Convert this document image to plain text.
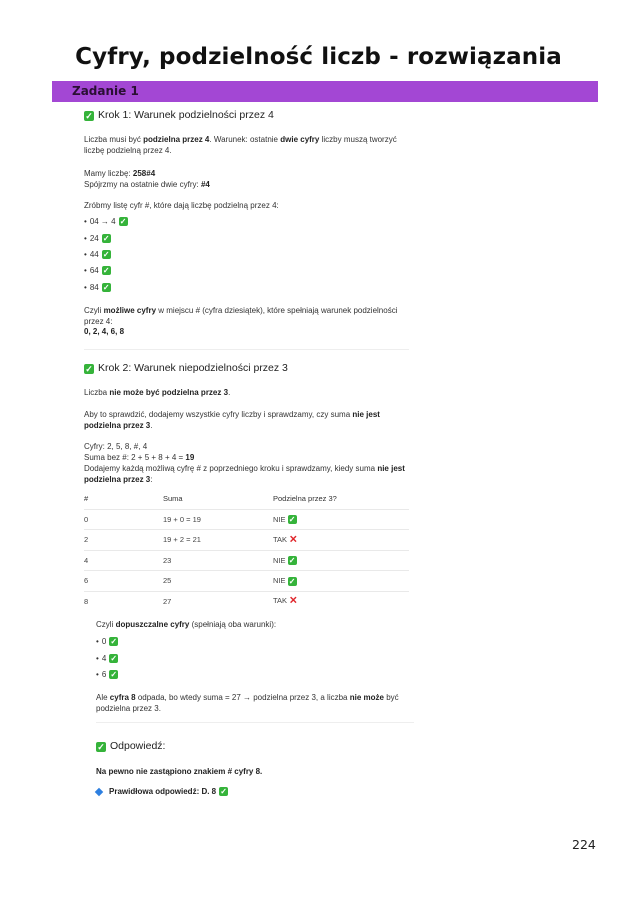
Cyfry, podzielność liczb - rozwiązania
Zadanie 1
✓ Krok 1: Warunek podzielności przez 4

Liczba musi być podzielna przez 4. Warunek: ostatnie dwie cyfry liczby muszą tworzyć liczbę podzielną przez 4.

Mamy liczbę: 258#4

Spójrzmy na ostatnie dwie cyfry: #4

Zróbmy listę cyfr #, które dają liczbę podzielną przez 4:

• 04 → 4 ✓
• 24 ✓
• 44 ✓
• 64 ✓
• 84 ✓

Czyli możliwe cyfry w miejscu # (cyfra dziesiątek), które spełniają warunek podzielności przez 4:

0, 2, 4, 6, 8

✓ Krok 2: Warunek niepodzielności przez 3

Liczba nie może być podzielna przez 3.

Aby to sprawdzić, dodajemy wszystkie cyfry liczby i sprawdzamy, czy suma nie jest podzielna przez 3.

Cyfry: 2, 5, 8, #, 4

Suma bez #: 2 + 5 + 8 + 4 = 19

Dodajemy każdą możliwą cyfrę # z poprzedniego kroku i sprawdzamy, kiedy suma nie jest podzielna przez 3:

#	Suma	Podzielna przez 3?
0	19 + 0 = 19	NIE ✓
2	19 + 2 = 21	TAK ✕
4	23	NIE ✓
6	25	NIE ✓
8	27	TAK ✕

Czyli dopuszczalne cyfry (spełniają oba warunki):

• 0 ✓
• 4 ✓
• 6 ✓

Ale cyfra 8 odpada, bo wtedy suma = 27 → podzielna przez 3, a liczba nie może być podzielna przez 3.

✓ Odpowiedź:

Na pewno nie zastąpiono znakiem # cyfry 8.

Prawidłowa odpowiedź: D. 8 ✓
224
